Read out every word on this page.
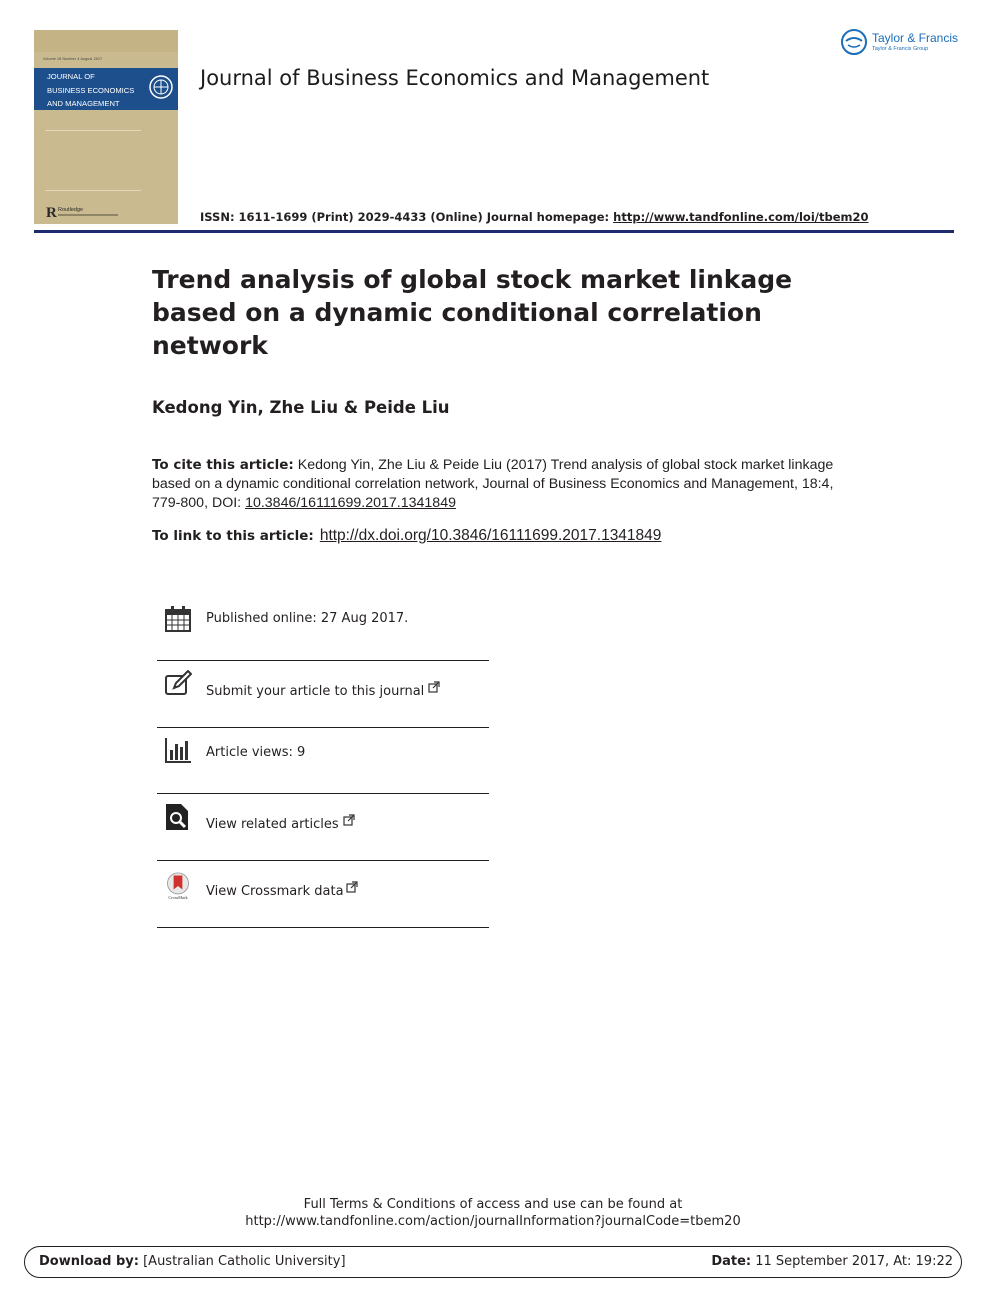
Volume 18 Number 4 August 2017
JOURNAL OF
BUSINESS ECONOMICS
AND MANAGEMENT
R Routledge
Journal of Business Economics and Management
Taylor & Francis
Taylor & Francis Group
ISSN: 1611-1699 (Print) 2029-4433 (Online) Journal homepage: http://www.tandfonline.com/loi/tbem20
Trend analysis of global stock market linkage based on a dynamic conditional correlation network
Kedong Yin, Zhe Liu & Peide Liu
To cite this article: Kedong Yin, Zhe Liu & Peide Liu (2017) Trend analysis of global stock market linkage based on a dynamic conditional correlation network, Journal of Business Economics and Management, 18:4, 779-800, DOI: 10.3846/16111699.2017.1341849
To link to this article: http://dx.doi.org/10.3846/16111699.2017.1341849
Published online: 27 Aug 2017.
Submit your article to this journal
Article views: 9
View related articles
CrossMark View Crossmark data
Full Terms & Conditions of access and use can be found at
http://www.tandfonline.com/action/journalInformation?journalCode=tbem20
Download by: [Australian Catholic University]	Date: 11 September 2017, At: 19:22
